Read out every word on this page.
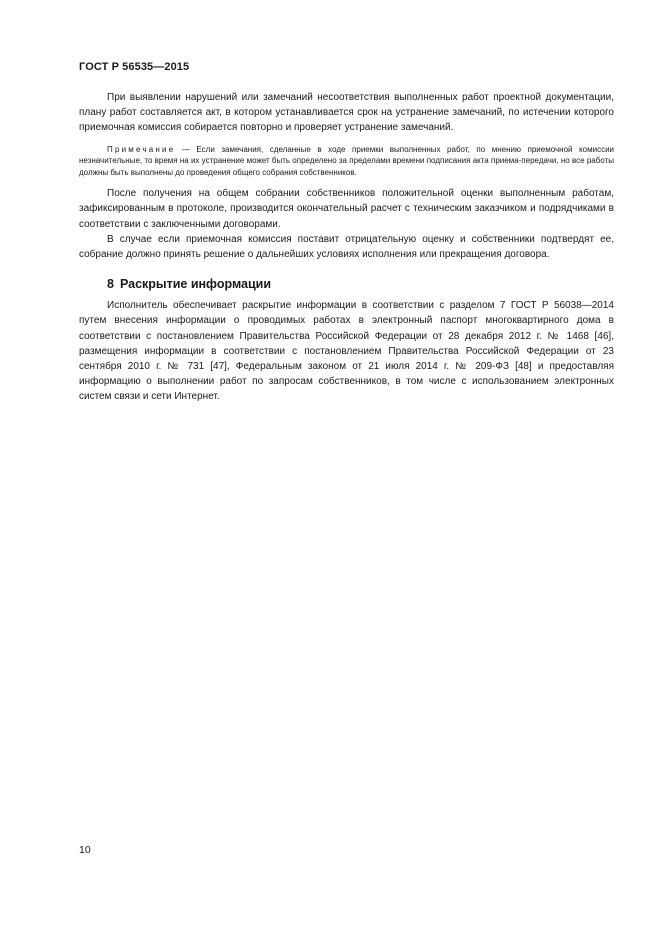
ГОСТ Р 56535—2015

При выявлении нарушений или замечаний несоответствия выполненных работ проектной документации, плану работ составляется акт, в котором устанавливается срок на устранение замечаний, по истечении которого приемочная комиссия собирается повторно и проверяет устранение замечаний.

Примечание — Если замечания, сделанные в ходе приемки выполненных работ, по мнению приемочной комиссии незначительные, то время на их устранение может быть определено за пределами времени подписания акта приема-передачи, но все работы должны быть выполнены до проведения общего собрания собственников.

После получения на общем собрании собственников положительной оценки выполненным работам, зафиксированным в протоколе, производится окончательный расчет с техническим заказчиком и подрядчиками в соответствии с заключенными договорами.

В случае если приемочная комиссия поставит отрицательную оценку и собственники подтвердят ее, собрание должно принять решение о дальнейших условиях исполнения или прекращения договора.

8 Раскрытие информации

Исполнитель обеспечивает раскрытие информации в соответствии с разделом 7 ГОСТ Р 56038—2014 путем внесения информации о проводимых работах в электронный паспорт многоквартирного дома в соответствии с постановлением Правительства Российской Федерации от 28 декабря 2012 г. № 1468 [46], размещения информации в соответствии с постановлением Правительства Российской Федерации от 23 сентября 2010 г. № 731 [47], Федеральным законом от 21 июля 2014 г. № 209-ФЗ [48] и предоставляя информацию о выполнении работ по запросам собственников, в том числе с использованием электронных систем связи и сети Интернет.

10
